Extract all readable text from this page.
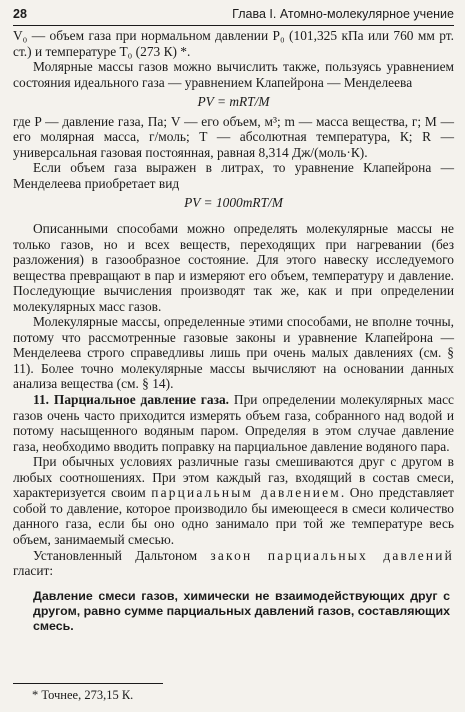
28	Глава I. Атомно-молекулярное учение

V₀ — объем газа при нормальном давлении P₀ (101,325 кПа или 760 мм рт. ст.) и температуре T₀ (273 К) *.

Молярные массы газов можно вычислить также, пользуясь уравнением состояния идеального газа — уравнением Клапейрона — Менделеева

PV = mRT/M

где P — давление газа, Па; V — его объем, м³; m — масса вещества, г; M — его молярная масса, г/моль; T — абсолютная температура, К; R — универсальная газовая постоянная, равная 8,314 Дж/(моль·К).

Если объем газа выражен в литрах, то уравнение Клапейрона — Менделеева приобретает вид

PV = 1000mRT/M

Описанными способами можно определять молекулярные массы не только газов, но и всех веществ, переходящих при нагревании (без разложения) в газообразное состояние. Для этого навеску исследуемого вещества превращают в пар и измеряют его объем, температуру и давление. Последующие вычисления производят так же, как и при определении молекулярных масс газов.

Молекулярные массы, определенные этими способами, не вполне точны, потому что рассмотренные газовые законы и уравнение Клапейрона — Менделеева строго справедливы лишь при очень малых давлениях (см. § 11). Более точно молекулярные массы вычисляют на основании данных анализа вещества (см. § 14).

11. Парциальное давление газа. При определении молекулярных масс газов очень часто приходится измерять объем газа, собранного над водой и потому насыщенного водяным паром. Определяя в этом случае давление газа, необходимо вводить поправку на парциальное давление водяного пара.

При обычных условиях различные газы смешиваются друг с другом в любых соотношениях. При этом каждый газ, входящий в состав смеси, характеризуется своим парциальным давлением. Оно представляет собой то давление, которое производило бы имеющееся в смеси количество данного газа, если бы оно одно занимало при той же температуре весь объем, занимаемый смесью.

Установленный Дальтоном закон парциальных давлений гласит:

Давление смеси газов, химически не взаимодействующих друг с другом, равно сумме парциальных давлений газов, составляющих смесь.
* Точнее, 273,15 К.
